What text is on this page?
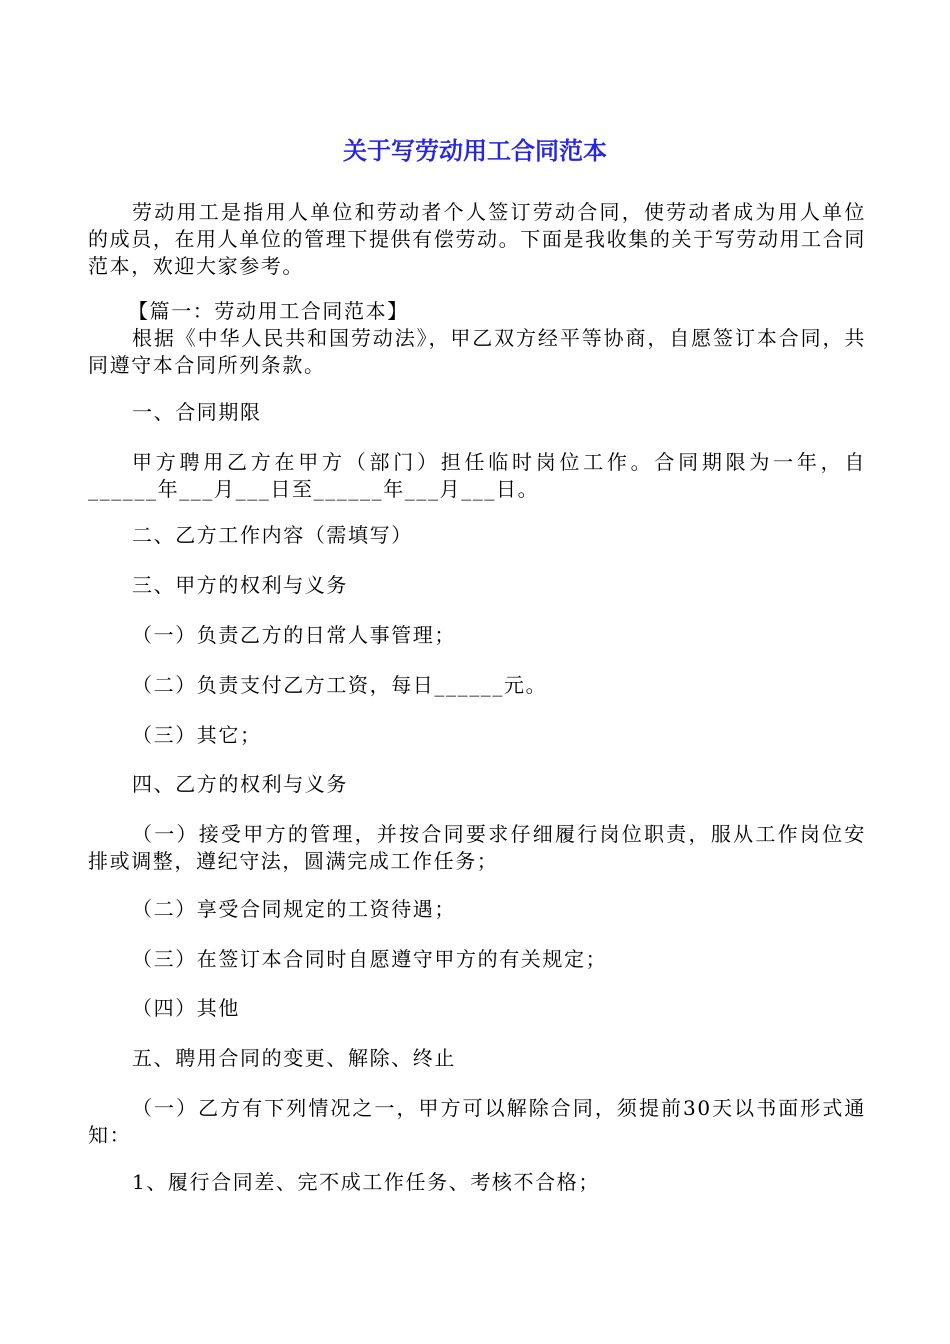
关于写劳动用工合同范本

劳动用工是指用人单位和劳动者个人签订劳动合同，使劳动者成为用人单位的成员，在用人单位的管理下提供有偿劳动。下面是我收集的关于写劳动用工合同范本，欢迎大家参考。

【篇一：劳动用工合同范本】

根据《中华人民共和国劳动法》，甲乙双方经平等协商，自愿签订本合同，共同遵守本合同所列条款。

一、合同期限

甲方聘用乙方在甲方（部门）担任临时岗位工作。合同期限为一年，自______年___月___日至______年___月___日。

二、乙方工作内容（需填写）

三、甲方的权利与义务

（一）负责乙方的日常人事管理；

（二）负责支付乙方工资，每日______元。

（三）其它；

四、乙方的权利与义务

（一）接受甲方的管理，并按合同要求仔细履行岗位职责，服从工作岗位安排或调整，遵纪守法，圆满完成工作任务；

（二）享受合同规定的工资待遇；

（三）在签订本合同时自愿遵守甲方的有关规定；

（四）其他

五、聘用合同的变更、解除、终止

（一）乙方有下列情况之一，甲方可以解除合同，须提前30天以书面形式通知：

1、履行合同差、完不成工作任务、考核不合格；
